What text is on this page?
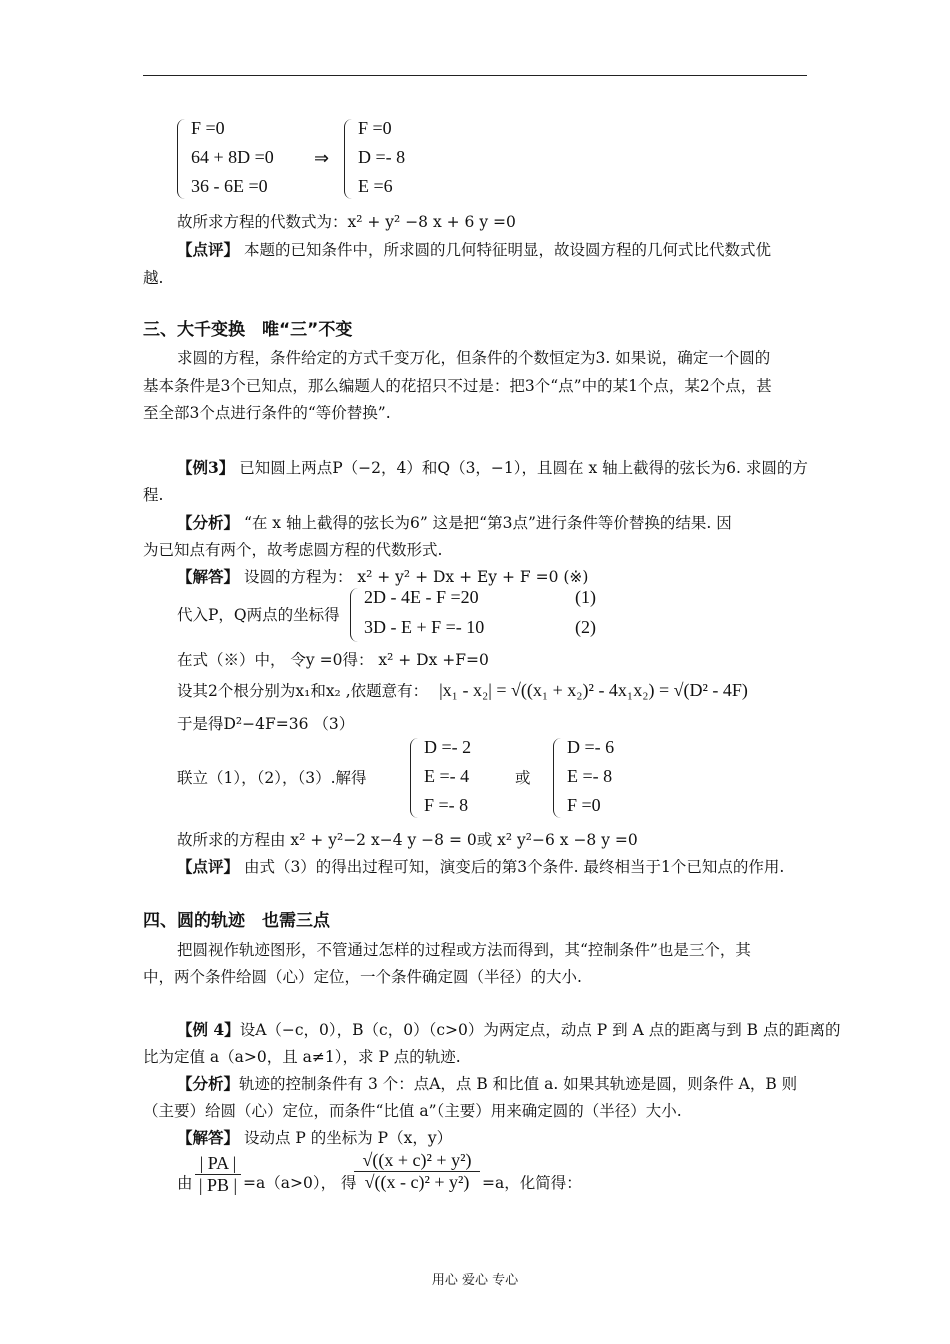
F =0
64 + 8D =0
36 - 6E =0
⇒
F =0
D =- 8
E =6
故所求方程的代数式为：x² + y² −8 x + 6 y =0
【点评】 本题的已知条件中，所求圆的几何特征明显，故设圆方程的几何式比代数式优
越.
三、大千变换　唯“三”不变
求圆的方程，条件给定的方式千变万化，但条件的个数恒定为3. 如果说，确定一个圆的
基本条件是3个已知点，那么编题人的花招只不过是：把3个“点”中的某1个点，某2个点，甚
至全部3个点进行条件的“等价替换”.
【例3】 已知圆上两点P（−2，4）和Q（3，−1），且圆在 x 轴上截得的弦长为6. 求圆的方
程.
【分析】 “在 x 轴上截得的弦长为6” 这是把“第3点”进行条件等价替换的结果. 因
为已知点有两个，故考虑圆方程的代数形式.
【解答】 设圆的方程为： x² + y² + Dx + Ey + F =0 (※)
代入P，Q两点的坐标得
2D - 4E - F =20
3D - E + F =- 10
(1)
(2)
在式（※）中， 令y =0得： x² + Dx +F=0
设其2个根分别为x₁和x₂ ,依题意有： |x₁ - x₂| = √((x₁ + x₂)² - 4x₁x₂) = √(D² - 4F)
于是得D²−4F=36 （3）
联立（1），（2），（3）.解得
D =- 2
E =- 4
F =- 8
或
D =- 6
E =- 8
F =0
故所求的方程由 x² + y²−2 x−4 y −8 = 0或 x² y²−6 x −8 y =0
【点评】 由式（3）的得出过程可知，演变后的第3个条件. 最终相当于1个已知点的作用.
四、圆的轨迹　也需三点
把圆视作轨迹图形，不管通过怎样的过程或方法而得到，其“控制条件”也是三个，其
中，两个条件给圆（心）定位，一个条件确定圆（半径）的大小.
【例 4】设A（−c，0），B（c，0）（c>0）为两定点，动点 P 到 A 点的距离与到 B 点的距离的
比为定值 a（a>0，且 a≠1），求 P 点的轨迹.
【分析】轨迹的控制条件有 3 个：点A，点 B 和比值 a. 如果其轨迹是圆，则条件 A，B 则
（主要）给圆（心）定位，而条件“比值 a”（主要）用来确定圆的（半径）大小.
【解答】 设动点 P 的坐标为 P（x，y）
由 $\frac{| PA |}{| PB |} =a(a>0)$， 得
$\frac{\text{√((x + c)² + y²)}}{\text{√((x - c)² + y²)}} =a$，化简得：
用心 爱心 专心
